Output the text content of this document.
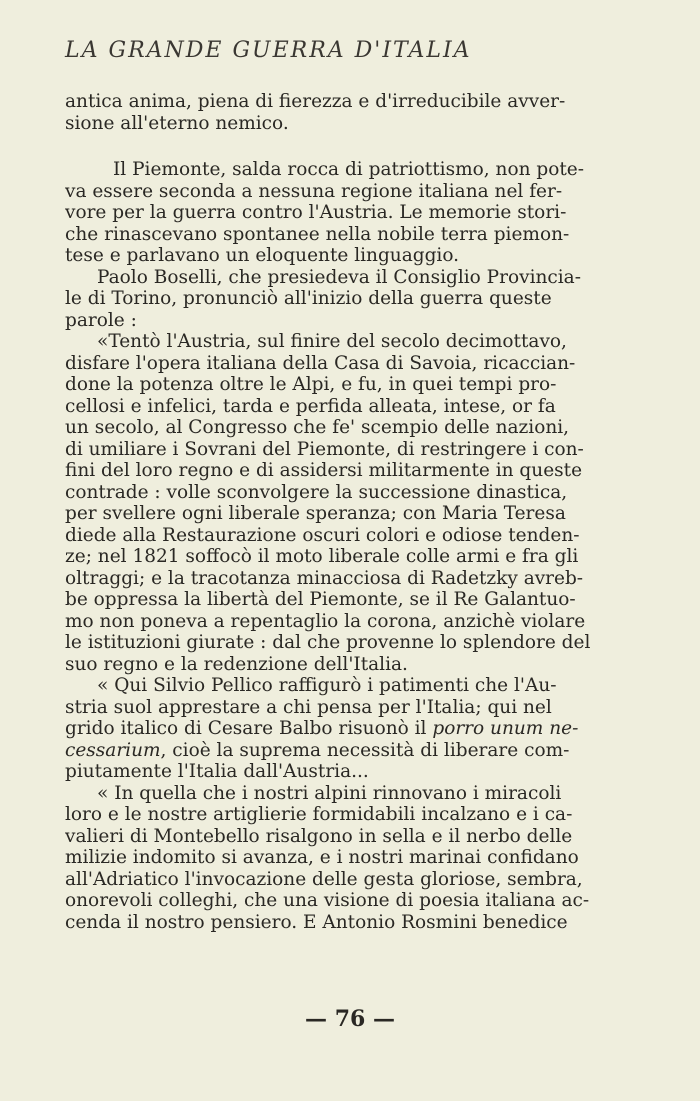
LA GRANDE GUERRA D'ITALIA
antica anima, piena di fierezza e d'irreducibile avver-
sione all'eterno nemico.
Il Piemonte, salda rocca di patriottismo, non pote-
va essere seconda a nessuna regione italiana nel fer-
vore per la guerra contro l'Austria. Le memorie stori-
che rinascevano spontanee nella nobile terra piemon-
tese e parlavano un eloquente linguaggio.
Paolo Boselli, che presiedeva il Consiglio Provincia-
le di Torino, pronunciò all'inizio della guerra queste
parole :
«Tentò l'Austria, sul finire del secolo decimottavo,
disfare l'opera italiana della Casa di Savoia, ricaccian-
done la potenza oltre le Alpi, e fu, in quei tempi pro-
cellosi e infelici, tarda e perfida alleata, intese, or fa
un secolo, al Congresso che fe' scempio delle nazioni,
di umiliare i Sovrani del Piemonte, di restringere i con-
fini del loro regno e di assidersi militarmente in queste
contrade : volle sconvolgere la successione dinastica,
per svellere ogni liberale speranza; con Maria Teresa
diede alla Restaurazione oscuri colori e odiose tenden-
ze; nel 1821 soffocò il moto liberale colle armi e fra gli
oltraggi; e la tracotanza minacciosa di Radetzky avreb-
be oppressa la libertà del Piemonte, se il Re Galantuo-
mo non poneva a repentaglio la corona, anzichè violare
le istituzioni giurate : dal che provenne lo splendore del
suo regno e la redenzione dell'Italia.
« Qui Silvio Pellico raffigurò i patimenti che l'Au-
stria suol apprestare a chi pensa per l'Italia; qui nel
grido italico di Cesare Balbo risuonò il porro unum ne-
cessarium, cioè la suprema necessità di liberare com-
piutamente l'Italia dall'Austria...
« In quella che i nostri alpini rinnovano i miracoli
loro e le nostre artiglierie formidabili incalzano e i ca-
valieri di Montebello risalgono in sella e il nerbo delle
milizie indomito si avanza, e i nostri marinai confidano
all'Adriatico l'invocazione delle gesta gloriose, sembra,
onorevoli colleghi, che una visione di poesia italiana ac-
cenda il nostro pensiero. E Antonio Rosmini benedice
— 76 —
